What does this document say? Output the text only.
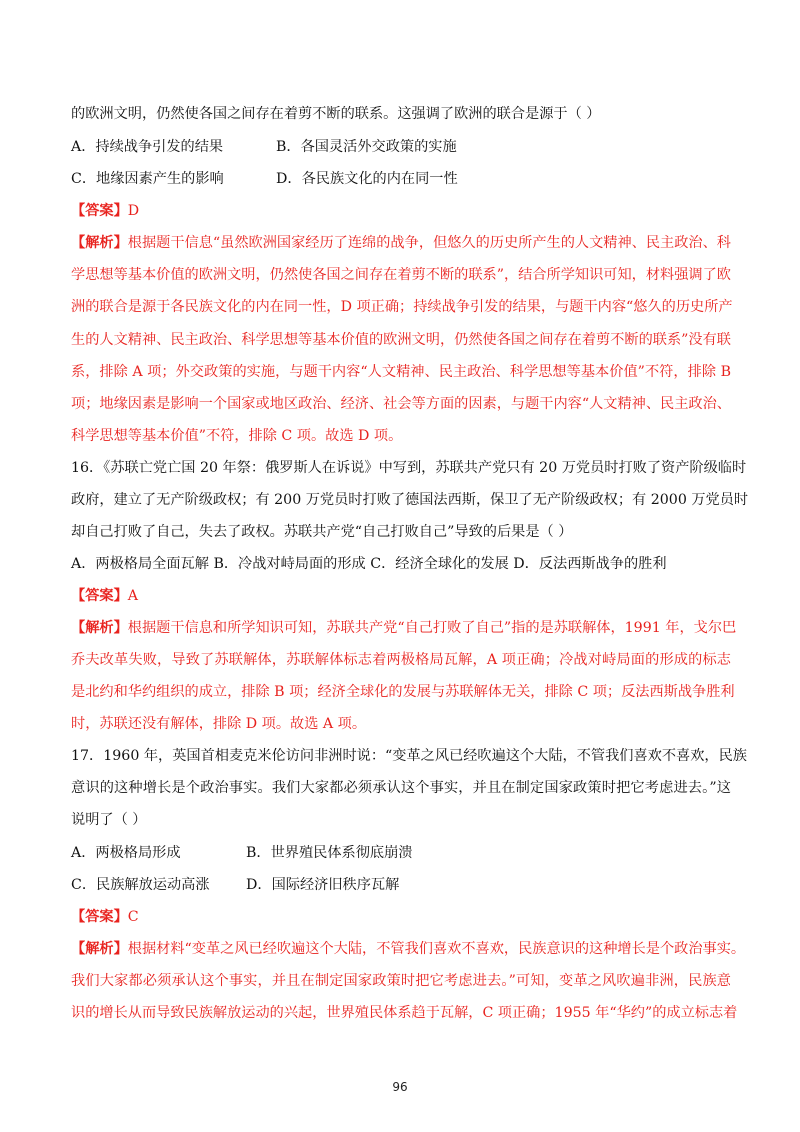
的欧洲文明，仍然使各国之间存在着剪不断的联系。这强调了欧洲的联合是源于（ ）
A．持续战争引发的结果	B．各国灵活外交政策的实施
C．地缘因素产生的影响	D．各民族文化的内在同一性
【答案】D
【解析】根据题干信息“虽然欧洲国家经历了连绵的战争，但悠久的历史所产生的人文精神、民主政治、科
学思想等基本价值的欧洲文明，仍然使各国之间存在着剪不断的联系”，结合所学知识可知，材料强调了欧
洲的联合是源于各民族文化的内在同一性，D 项正确；持续战争引发的结果，与题干内容“悠久的历史所产
生的人文精神、民主政治、科学思想等基本价值的欧洲文明，仍然使各国之间存在着剪不断的联系”没有联
系，排除 A 项；外交政策的实施，与题干内容“人文精神、民主政治、科学思想等基本价值”不符，排除 B
项；地缘因素是影响一个国家或地区政治、经济、社会等方面的因素，与题干内容“人文精神、民主政治、
科学思想等基本价值”不符，排除 C 项。故选 D 项。
16．《苏联亡党亡国 20 年祭：俄罗斯人在诉说》中写到，苏联共产党只有 20 万党员时打败了资产阶级临时
政府，建立了无产阶级政权；有 200 万党员时打败了德国法西斯，保卫了无产阶级政权；有 2000 万党员时
却自己打败了自己，失去了政权。苏联共产党“自己打败自己”导致的后果是（ ）
A．两极格局全面瓦解 B．冷战对峙局面的形成 C．经济全球化的发展 D．反法西斯战争的胜利
【答案】A
【解析】根据题干信息和所学知识可知，苏联共产党“自己打败了自己”指的是苏联解体，1991 年，戈尔巴
乔夫改革失败，导致了苏联解体，苏联解体标志着两极格局瓦解，A 项正确；冷战对峙局面的形成的标志
是北约和华约组织的成立，排除 B 项；经济全球化的发展与苏联解体无关，排除 C 项；反法西斯战争胜利
时，苏联还没有解体，排除 D 项。故选 A 项。
17．1960 年，英国首相麦克米伦访问非洲时说：“变革之风已经吹遍这个大陆，不管我们喜欢不喜欢，民族
意识的这种增长是个政治事实。我们大家都必须承认这个事实，并且在制定国家政策时把它考虑进去。”这
说明了（ ）
A．两极格局形成	B．世界殖民体系彻底崩溃
C．民族解放运动高涨	D．国际经济旧秩序瓦解
【答案】C
【解析】根据材料“变革之风已经吹遍这个大陆，不管我们喜欢不喜欢，民族意识的这种增长是个政治事实。
我们大家都必须承认这个事实，并且在制定国家政策时把它考虑进去。”可知，变革之风吹遍非洲，民族意
识的增长从而导致民族解放运动的兴起，世界殖民体系趋于瓦解，C 项正确；1955 年“华约”的成立标志着
96
